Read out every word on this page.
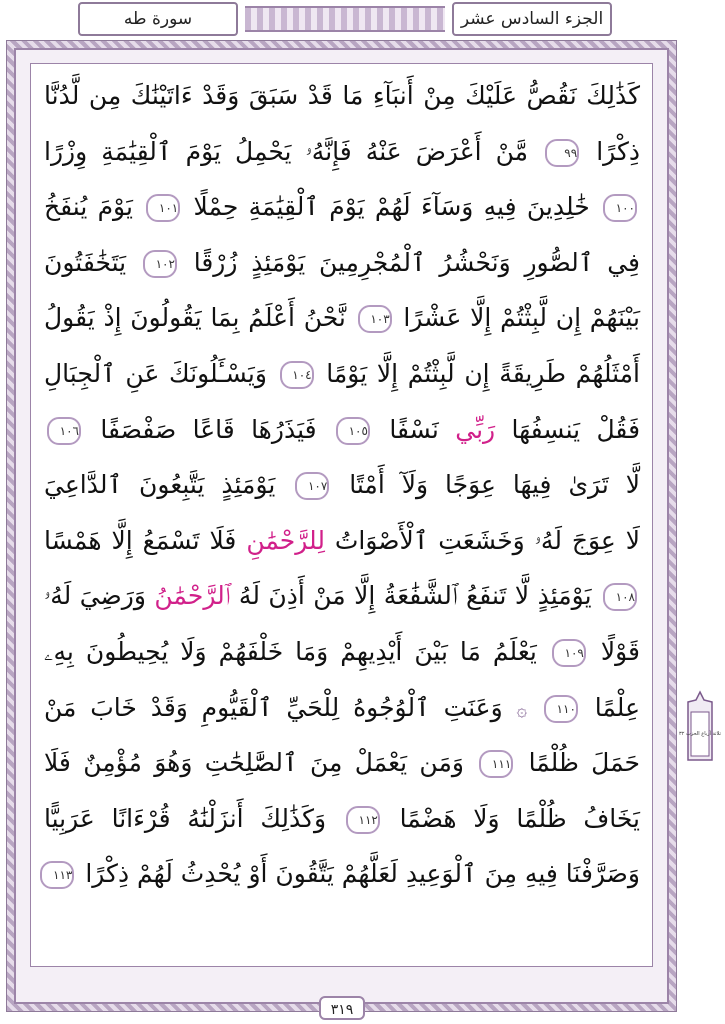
الجزء السادس عشر
سورة طه
كَذَٰلِكَ نَقُصُّ عَلَيْكَ مِنْ أَنبَآءِ مَا قَدْ سَبَقَ وَقَدْ ءَاتَيْنَٰكَ مِن لَّدُنَّا
ذِكْرًا ٩٩ مَّنْ أَعْرَضَ عَنْهُ فَإِنَّهُۥ يَحْمِلُ يَوْمَ ٱلْقِيَٰمَةِ وِزْرًا
١٠٠ خَٰلِدِينَ فِيهِ وَسَآءَ لَهُمْ يَوْمَ ٱلْقِيَٰمَةِ حِمْلًا ١٠١ يَوْمَ يُنفَخُ
فِي ٱلصُّورِ وَنَحْشُرُ ٱلْمُجْرِمِينَ يَوْمَئِذٍ زُرْقًا ١٠٢ يَتَخَٰفَتُونَ
بَيْنَهُمْ إِن لَّبِثْتُمْ إِلَّا عَشْرًا ١٠٣ نَّحْنُ أَعْلَمُ بِمَا يَقُولُونَ إِذْ يَقُولُ
أَمْثَلُهُمْ طَرِيقَةً إِن لَّبِثْتُمْ إِلَّا يَوْمًا ١٠٤ وَيَسْـَٔلُونَكَ عَنِ ٱلْجِبَالِ
فَقُلْ يَنسِفُهَا رَبِّي نَسْفًا ١٠٥ فَيَذَرُهَا قَاعًا صَفْصَفًا ١٠٦
لَّا تَرَىٰ فِيهَا عِوَجًا وَلَآ أَمْتًا ١٠٧ يَوْمَئِذٍ يَتَّبِعُونَ ٱلدَّاعِيَ
لَا عِوَجَ لَهُۥ وَخَشَعَتِ ٱلْأَصْوَاتُ لِلرَّحْمَٰنِ فَلَا تَسْمَعُ إِلَّا هَمْسًا
١٠٨ يَوْمَئِذٍ لَّا تَنفَعُ ٱلشَّفَٰعَةُ إِلَّا مَنْ أَذِنَ لَهُ ٱلرَّحْمَٰنُ وَرَضِيَ لَهُۥ
قَوْلًا ١٠٩ يَعْلَمُ مَا بَيْنَ أَيْدِيهِمْ وَمَا خَلْفَهُمْ وَلَا يُحِيطُونَ بِهِۦ
عِلْمًا ١١٠ ۞ وَعَنَتِ ٱلْوُجُوهُ لِلْحَيِّ ٱلْقَيُّومِ وَقَدْ خَابَ مَنْ
حَمَلَ ظُلْمًا ١١١ وَمَن يَعْمَلْ مِنَ ٱلصَّٰلِحَٰتِ وَهُوَ مُؤْمِنٌ فَلَا
يَخَافُ ظُلْمًا وَلَا هَضْمًا ١١٢ وَكَذَٰلِكَ أَنزَلْنَٰهُ قُرْءَانًا عَرَبِيًّا
وَصَرَّفْنَا فِيهِ مِنَ ٱلْوَعِيدِ لَعَلَّهُمْ يَتَّقُونَ أَوْ يُحْدِثُ لَهُمْ ذِكْرًا ١١٣
٣١٩
ثلاثة أرباع الحزب ٣٢
